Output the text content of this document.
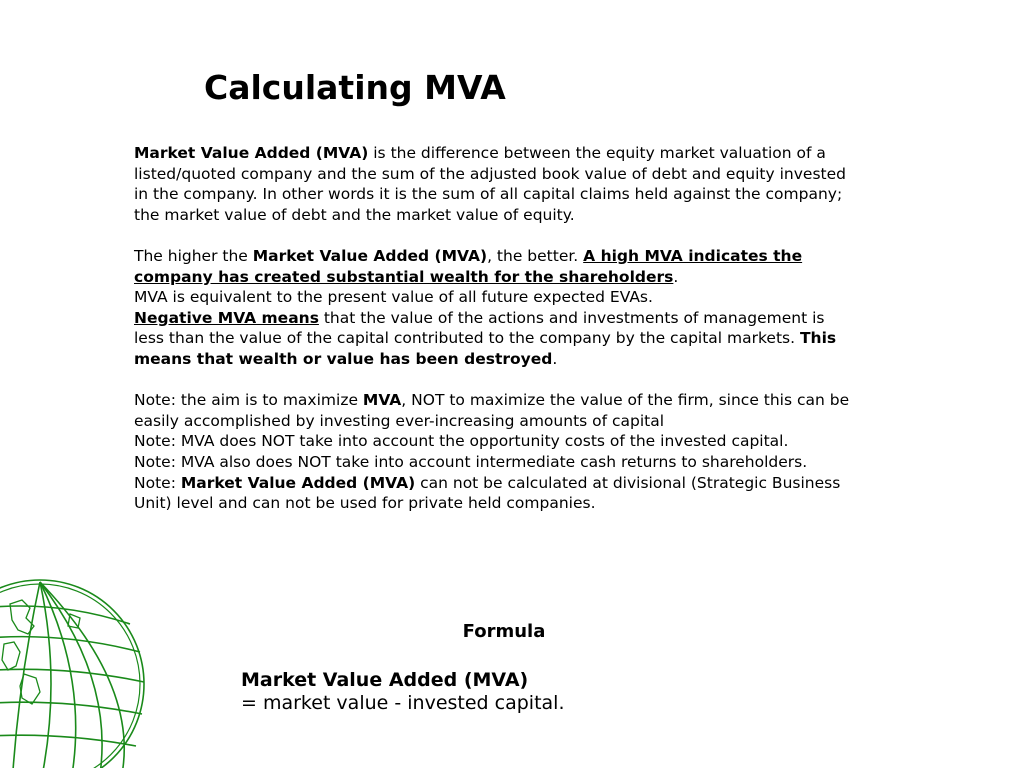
Calculating MVA

Market Value Added (MVA) is the difference between the equity market valuation of a listed/quoted company and the sum of the adjusted book value of debt and equity invested in the company. In other words it is the sum of all capital claims held against the company; the market value of debt and the market value of equity.

The higher the Market Value Added (MVA), the better. A high MVA indicates the company has created substantial wealth for the shareholders.

MVA is equivalent to the present value of all future expected EVAs.

Negative MVA means that the value of the actions and investments of management is less than the value of the capital contributed to the company by the capital markets. This means that wealth or value has been destroyed.

Note: the aim is to maximize MVA, NOT to maximize the value of the firm, since this can be easily accomplished by investing ever-increasing amounts of capital

Note: MVA does NOT take into account the opportunity costs of the invested capital.

Note: MVA also does NOT take into account intermediate cash returns to shareholders.

Note: Market Value Added (MVA) can not be calculated at divisional (Strategic Business Unit) level and can not be used for private held companies.

Formula
Market Value Added (MVA)
= market value - invested capital.
